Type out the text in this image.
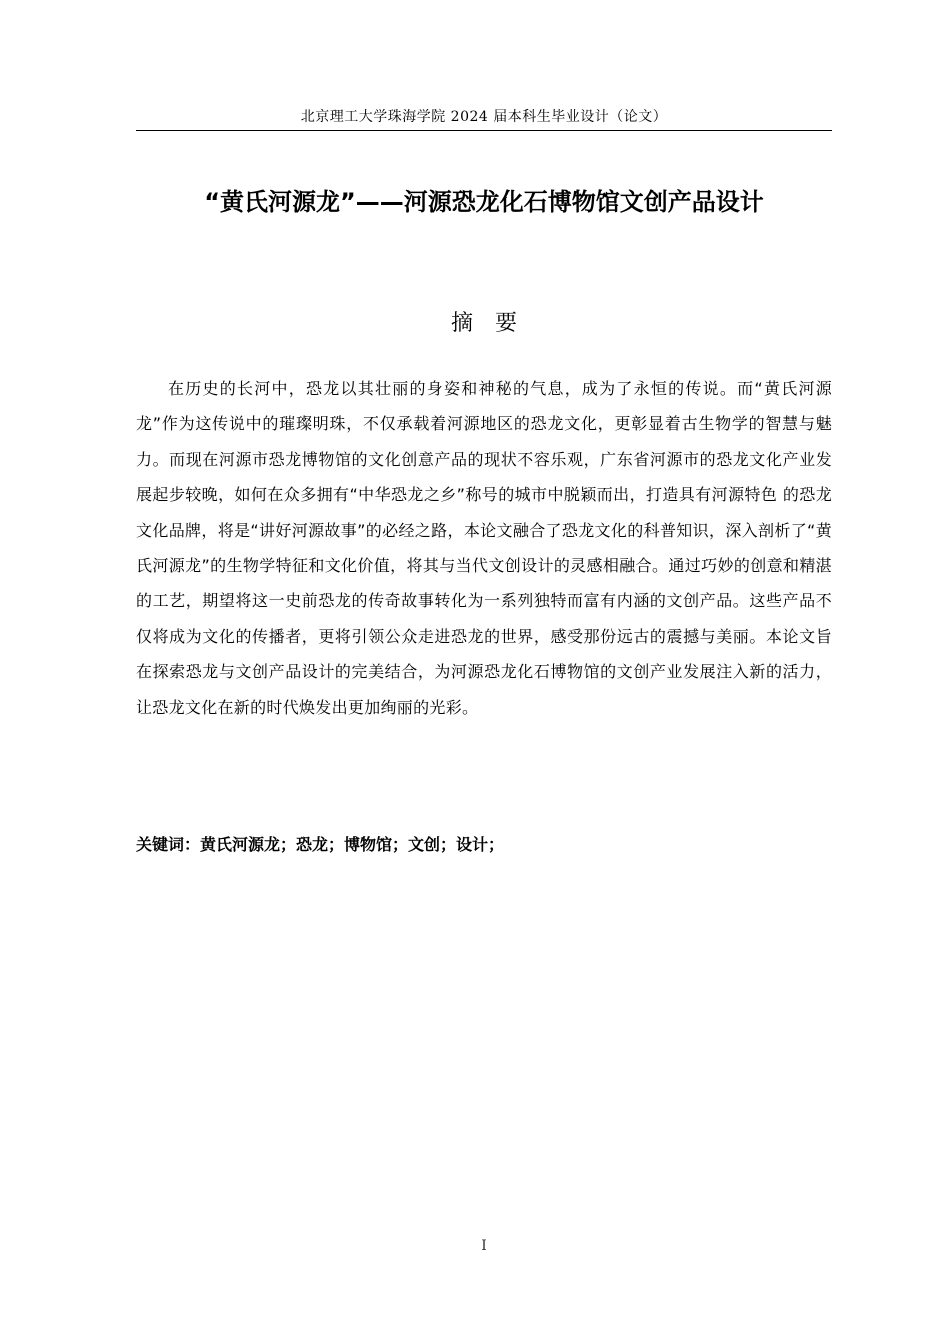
北京理工大学珠海学院 2024 届本科生毕业设计（论文）
“黄氏河源龙”——河源恐龙化石博物馆文创产品设计
摘要

在历史的长河中，恐龙以其壮丽的身姿和神秘的气息，成为了永恒的传说。而“黄氏河源龙”作为这传说中的璀璨明珠，不仅承载着河源地区的恐龙文化，更彰显着古生物学的智慧与魅力。而现在河源市恐龙博物馆的文化创意产品的现状不容乐观，广东省河源市的恐龙文化产业发展起步较晚，如何在众多拥有“中华恐龙之乡”称号的城市中脱颖而出，打造具有河源特色 的恐龙文化品牌，将是“讲好河源故事”的必经之路，本论文融合了恐龙文化的科普知识，深入剖析了“黄氏河源龙”的生物学特征和文化价值，将其与当代文创设计的灵感相融合。通过巧妙的创意和精湛的工艺，期望将这一史前恐龙的传奇故事转化为一系列独特而富有内涵的文创产品。这些产品不仅将成为文化的传播者，更将引领公众走进恐龙的世界，感受那份远古的震撼与美丽。本论文旨在探索恐龙与文创产品设计的完美结合，为河源恐龙化石博物馆的文创产业发展注入新的活力，让恐龙文化在新的时代焕发出更加绚丽的光彩。

关键词：黄氏河源龙；恐龙；博物馆；文创；设计；
I
